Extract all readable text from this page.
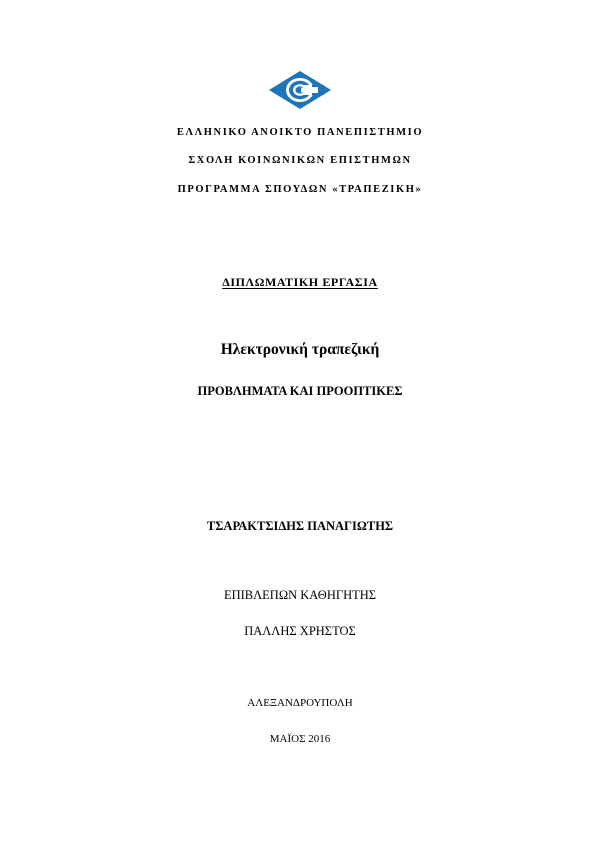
ΕΛΛΗΝΙΚΟ ΑΝΟΙΚΤΟ ΠΑΝΕΠΙΣΤΗΜΙΟ
ΣΧΟΛΗ ΚΟΙΝΩΝΙΚΩΝ ΕΠΙΣΤΗΜΩΝ
ΠΡΟΓΡΑΜΜΑ ΣΠΟΥΔΩΝ «ΤΡΑΠΕΖΙΚΗ»
ΔΙΠΛΩΜΑΤΙΚΗ ΕΡΓΑΣΙΑ
Ηλεκτρονική τραπεζική
ΠΡΟΒΛΗΜΑΤΑ ΚΑΙ ΠΡΟΟΠΤΙΚΕΣ
ΤΣΑΡΑΚΤΣΙΔΗΣ ΠΑΝΑΓΙΩΤΗΣ
ΕΠΙΒΛΕΠΩΝ ΚΑΘΗΓΗΤΗΣ
ΠΑΛΛΗΣ ΧΡΗΣΤΟΣ
ΑΛΕΞΑΝΔΡΟΥΠΟΛΗ
ΜΑΪΟΣ 2016
